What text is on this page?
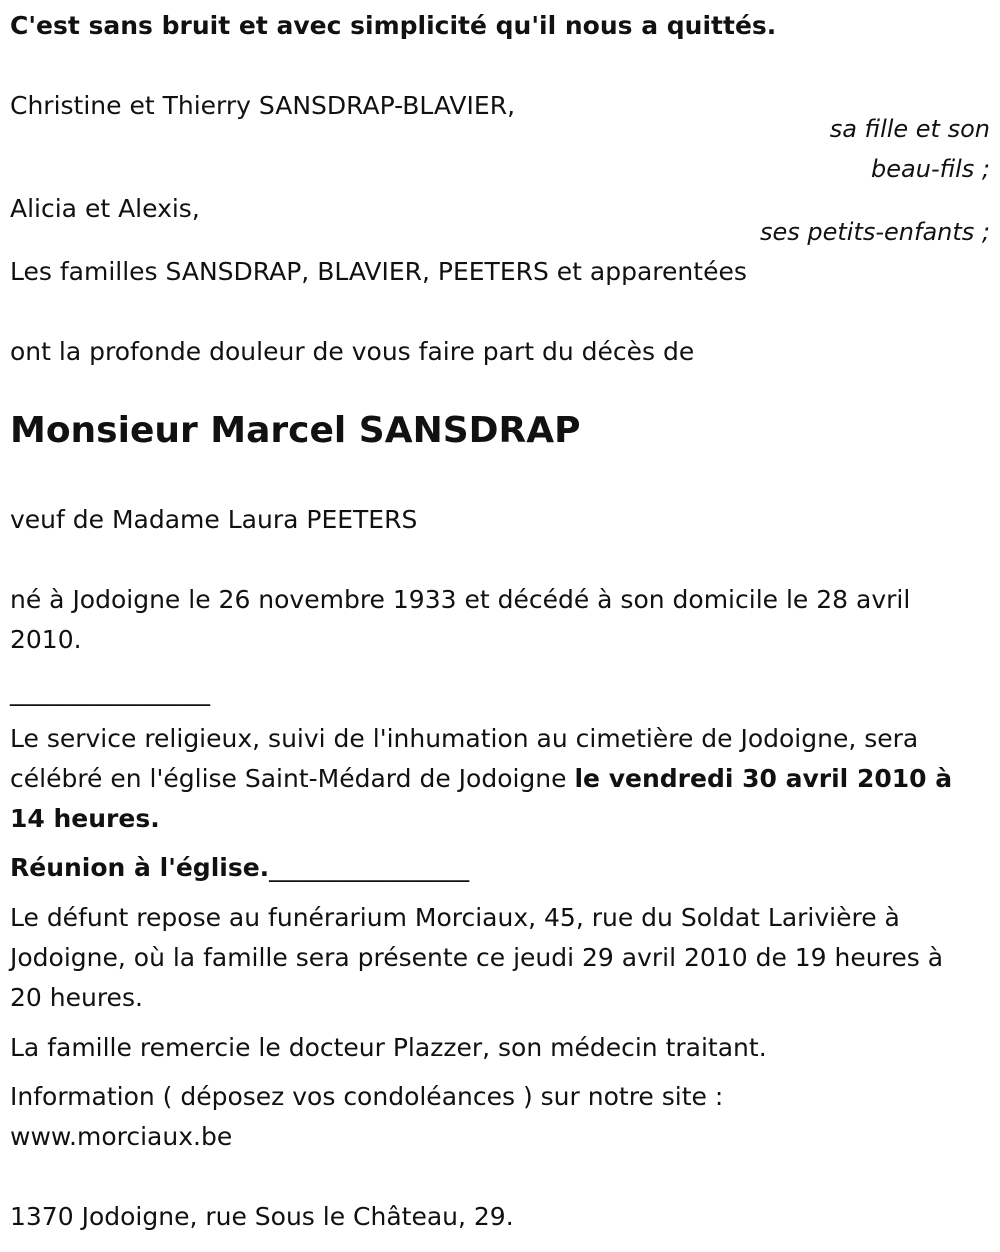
C'est sans bruit et avec simplicité qu'il nous a quittés.

Christine et Thierry SANSDRAP-BLAVIER,

sa fille et son

beau-fils ;

Alicia et Alexis,

ses petits-enfants ;

Les familles SANSDRAP, BLAVIER, PEETERS et apparentées

ont la profonde douleur de vous faire part du décès de

Monsieur Marcel SANSDRAP

veuf de Madame Laura PEETERS

né à Jodoigne le 26 novembre 1933 et décédé à son domicile le 28 avril

2010.

________________

Le service religieux, suivi de l'inhumation au cimetière de Jodoigne, sera

célébré en l'église Saint-Médard de Jodoigne le vendredi 30 avril 2010 à

14 heures.

Réunion à l'église.________________

Le défunt repose au funérarium Morciaux, 45, rue du Soldat Larivière à

Jodoigne, où la famille sera présente ce jeudi 29 avril 2010 de 19 heures à

20 heures.

La famille remercie le docteur Plazzer, son médecin traitant.

Information ( déposez vos condoléances ) sur notre site :

www.morciaux.be

1370 Jodoigne, rue Sous le Château, 29.
